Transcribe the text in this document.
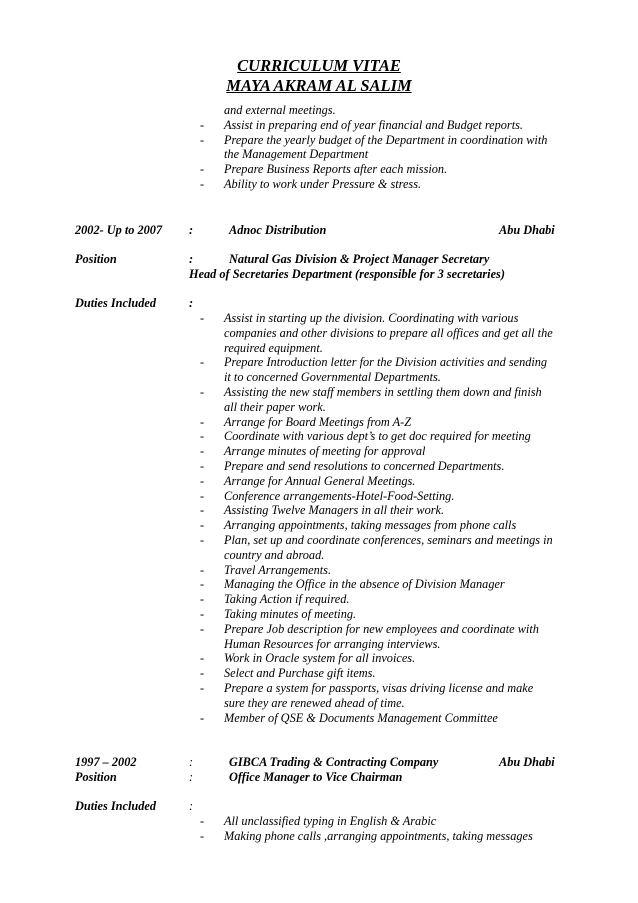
CURRICULUM VITAE
MAYA AKRAM AL SALIM
and external meetings.
- Assist in preparing end of year financial and Budget reports.
- Prepare the yearly budget of the Department in coordination with
the Management Department
- Prepare Business Reports after each mission.
- Ability to work under Pressure & stress.
2002- Up to 2007 :	Adnoc Distribution	Abu Dhabi
Position	:	Natural Gas Division & Project Manager Secretary
Head of Secretaries Department (responsible for 3 secretaries)
Duties Included	:
- Assist in starting up the division. Coordinating with various
companies and other divisions to prepare all offices and get all the
required equipment.
- Prepare Introduction letter for the Division activities and sending
it to concerned Governmental Departments.
- Assisting the new staff members in settling them down and finish
all their paper work.
- Arrange for Board Meetings from A-Z
- Coordinate with various dept’s to get doc required for meeting
- Arrange minutes of meeting for approval
- Prepare and send resolutions to concerned Departments.
- Arrange for Annual General Meetings.
- Conference arrangements-Hotel-Food-Setting.
- Assisting Twelve Managers in all their work.
- Arranging appointments, taking messages from phone calls
- Plan, set up and coordinate conferences, seminars and meetings in
country and abroad.
- Travel Arrangements.
- Managing the Office in the absence of Division Manager
- Taking Action if required.
- Taking minutes of meeting.
- Prepare Job description for new employees and coordinate with
Human Resources for arranging interviews.
- Work in Oracle system for all invoices.
- Select and Purchase gift items.
- Prepare a system for passports, visas driving license and make
sure they are renewed ahead of time.
- Member of QSE & Documents Management Committee
1997 – 2002	:	GIBCA Trading & Contracting Company	Abu Dhabi
Position	:	Office Manager to Vice Chairman
Duties Included	:
- All unclassified typing in English & Arabic
- Making phone calls ,arranging appointments, taking messages
